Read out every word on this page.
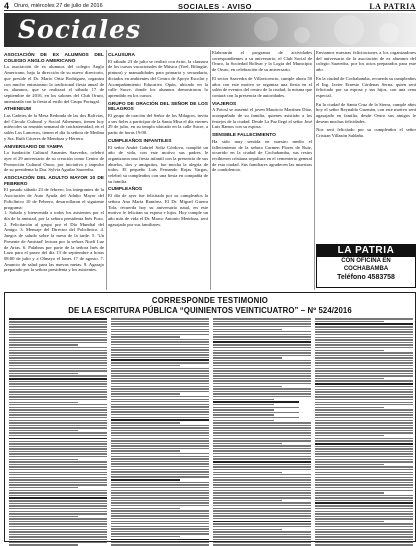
4 Oruro, miércoles 27 de julio de 2016	SOCIALES - AVISO	LA PATRIA
Sociales
ASOCIACIÓN DE EX ALUMNOS DEL COLEGIO ANGLO AMERICANO

La asociación de ex alumnos del colegio Anglo Americano, bajo la dirección de su nuevo directorio, que preside el Dr. Mario Ortiz Rodríguez, organiza con mucho entusiasmo la tradicional fiesta anual de ex alumnos, que se realizará el sábado 17 de septiembre de 2016, en los salones del Club Oruro, amenizada con la fiesta al estilo del Grupo Portugal.

ATHENEUM

Las Cadetes de la Mesa Redonda de las dos Bolivias, del Círculo Cultural y Social Atheneum, tienen hoy miércoles su reunión semanal de confraternidad, en el salón Los Lanceros, tienen el día la señora de Medina y Sra. Ruth Cáceres de Mendoza y Herrera.

ANIVERSARIO DE YAMPA

La fundación Cultural Amantes Saavedra, celebró ayer el 29 aniversario de su creación como Centro de Promoción Cultural Oruro, por iniciativa y impulso de su presidenta la Dra. Sylvia Aguilar Saavedra.

ASOCIACIÓN DEL ADULTO MAYOR 10 DE FEBRERO

El pasado sábado 23 de febrero, los integrantes de la Asociación de Auto Ayuda del Adulto Mayor del Policlínico 10 de Febrero, desarrollaron el siguiente programa:

1. Saludo y bienvenida a todos los asistentes por el día de la amistad, por la señora presidenta Inés Pozo. 2. Felicitación al grupo por el Día Mundial del Amigo. 3. Mensaje del Director del Policlínico. 4. Juegos de saludo sobre la mesa de la tarde. 5. 'Un Presente de Amistad' lectura por la señora Noelí Luz de Arias. 6. Palabras por parte de la señora Inés de Lazo para el paseo del día 13 de septiembre a horas 08:00 de julio y a Olmayo el lunes 17 de agosto. 7. Anuncio de salud para las nuevas metas. 8. Agasajo preparado por la señora presidenta y los asistentes.

CLAUSURA

El sábado 23 de julio se realizó con éxito, la clausura de los cursos vacacionales de Música (Yoel, Bilingüe, pintura) y manualidades para primaria y secundaria, dictados en ambientes del Centro de Apoyo Escolar y Acompañamiento Educativo Opón, ubicado en la calle Sucre, donde los alumnos demostraron lo aprendido en los cursos.

GRUPO DE ORACIÓN DEL SEÑOR DE LOS MILAGROS

El grupo de oración del Señor de los Milagros, invita a sus fieles a participar de la Santa Misa el día viernes 29 de julio, en su templo ubicado en la calle Sucre, a partir de horas 19:00.

CUMPLEAÑOS INFANTILES

El señor André Gabriel Soliz Córdova, cumplió un año de vida, con este motivo sus padres le organizaron una fiesta infantil con la presencia de sus abuelos, tíos y amiguitos, fue mucha la alegría de todos. El pequeño Luis Fernando Rojas Vargas, celebró su cumpleaños con una fiesta en compañía de su familia.

CUMPLEAÑOS

El día de ayer fue felicitada por su cumpleaños la señora Ana María Ramírez. El Dr. Miguel Guerra Tola, recuerda hoy su aniversario natal, en este motivo le felicitan su esposa e hijos. Hoy cumple un año más de vida el Dr. Marco Antonio Mendoza, será agasajado por sus familiares.

Elaborarán el programa de actividades correspondientes a su aniversario, el Club Social de Oruro, la Sociedad Bolívar y la Logia del Municipio de Oruro, en celebración de su aniversario.

El sector Saavedra de Villavicencio, cumple ahora 50 años con este motivo se organiza una fiesta en el salón de eventos del centro de la ciudad, la misma que contará con la presencia de autoridades.

VIAJEROS

A Potosí se ausentó el joven Mauricio Martínez Díaz, acompañado de su familia, quienes asistirán a los festejos de la ciudad. Desde La Paz llegó el señor José Luis Ramos con su esposa.

SENSIBLE FALLECIMIENTO

Ha sido muy sentida en nuestro medio el fallecimiento de la señora Carmen Flores de Ruiz, ocurrido en la ciudad de Cochabamba, sus restos recibieron cristiana sepultura en el cementerio general de esta ciudad. Sus familiares agradecen las muestras de condolencia.

Enviamos nuestras felicitaciones a los organizadores del aniversario de la asociación de ex alumnos del colegio Saavedra, por los actos preparados para este año.

En la ciudad de Cochabamba, recuerda su cumpleaños el Ing. Javier Ernesto Cárdenas Serna, quien será felicitado por su esposa y sus hijos, con una cena especial.

En la ciudad de Santa Cruz de la Sierra, cumple años hoy el señor Reynaldo Guzmán, con este motivo será agasajado en familia, desde Oruro sus amigos le desean muchas felicidades.

Nos será felicitado por su cumpleaños el señor Cristian Villazón Saldaña.

LA PATRIA
CON OFICINA EN
COCHABAMBA
Teléfono 4583758
CORRESPONDE TESTIMONIO
DE LA ESCRITURA PÚBLICA “QUINIENTOS VEINTICUATRO” – Nº 524/2016
